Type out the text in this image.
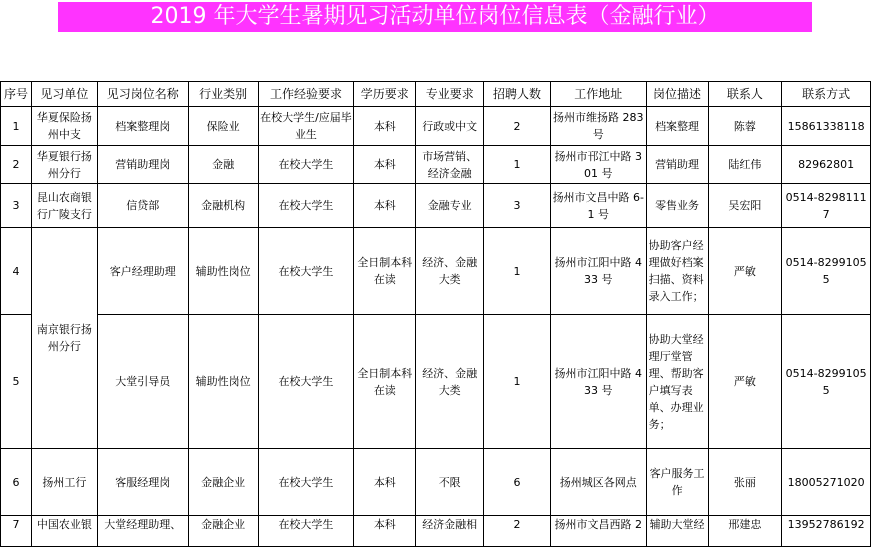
2019 年大学生暑期见习活动单位岗位信息表（金融行业）
序号	见习单位	见习岗位名称	行业类别	工作经验要求	学历要求	专业要求	招聘人数	工作地址	岗位描述	联系人	联系方式
1	华夏保险扬州中支	档案整理岗	保险业	在校大学生/应届毕业生	本科	行政或中文	2	扬州市维扬路 283 号	档案整理	陈蓉	15861338118
2	华夏银行扬州分行	营销助理岗	金融	在校大学生	本科	市场营销、经济金融	1	扬州市邗江中路 301 号	营销助理	陆红伟	82962801
3	昆山农商银行广陵支行	信贷部	金融机构	在校大学生	本科	金融专业	3	扬州市文昌中路 6-1 号	零售业务	吴宏阳	0514-82981117
4	南京银行扬州分行	客户经理助理	辅助性岗位	在校大学生	全日制本科在读	经济、金融大类	1	扬州市江阳中路 433 号	协助客户经理做好档案扫描、资料录入工作；	严敏	0514-82991055
5		大堂引导员	辅助性岗位	在校大学生	全日制本科在读	经济、金融大类	1	扬州市江阳中路 433 号	协助大堂经理厅堂管理、帮助客户填写表单、办理业务；	严敏	0514-82991055
6	扬州工行	客服经理岗	金融企业	在校大学生	本科	不限	6	扬州城区各网点	客户服务工作	张丽	18005271020
7	中国农业银	大堂经理助理、	金融企业	在校大学生	本科	经济金融相	2	扬州市文昌西路 2	辅助大堂经	邢建忠	13952786192
